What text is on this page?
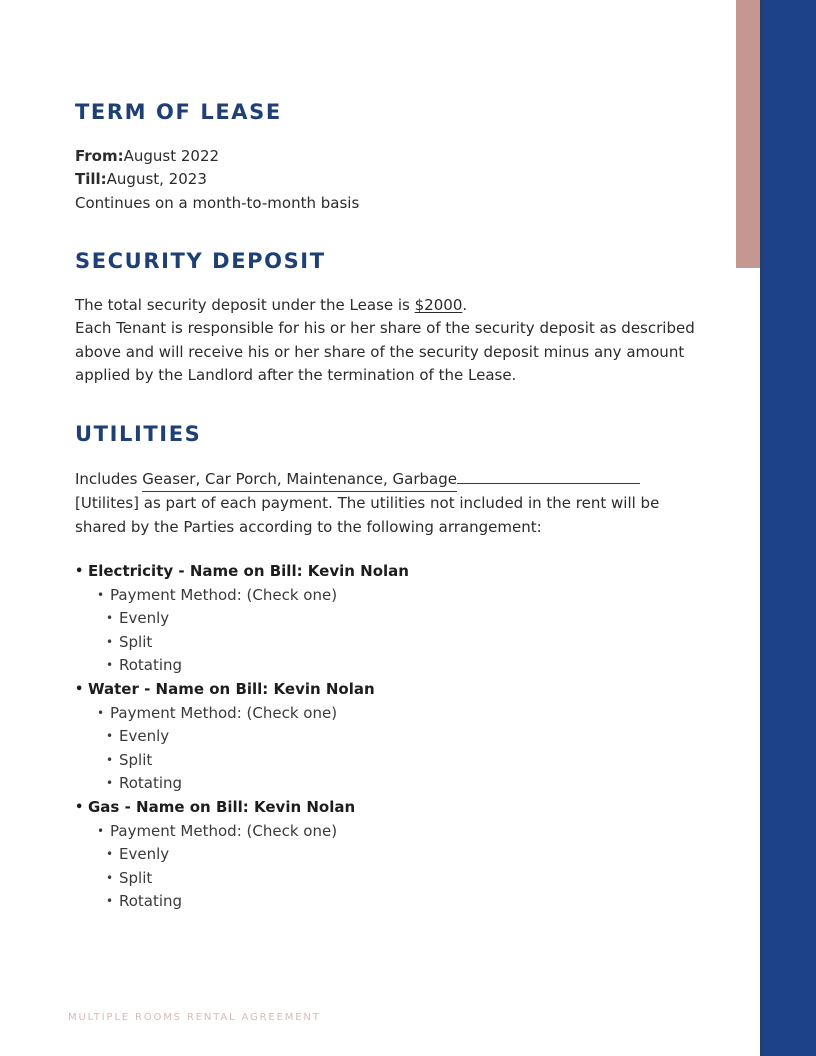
TERM OF LEASE

From:August 2022

Till:August, 2023

Continues on a month-to-month basis

SECURITY DEPOSIT

The total security deposit under the Lease is $2000.

Each Tenant is responsible for his or her share of the security deposit as described

above and will receive his or her share of the security deposit minus any amount

applied by the Landlord after the termination of the Lease.

UTILITIES

Includes Geaser, Car Porch, Maintenance, Garbage

[Utilites] as part of each payment. The utilities not included in the rent will be

shared by the Parties according to the following arrangement:

• Electricity - Name on Bill: Kevin Nolan
• Payment Method: (Check one)
• Evenly
• Split
• Rotating
• Water - Name on Bill: Kevin Nolan
• Payment Method: (Check one)
• Evenly
• Split
• Rotating
• Gas - Name on Bill: Kevin Nolan
• Payment Method: (Check one)
• Evenly
• Split
• Rotating
MULTIPLE ROOMS RENTAL AGREEMENT
